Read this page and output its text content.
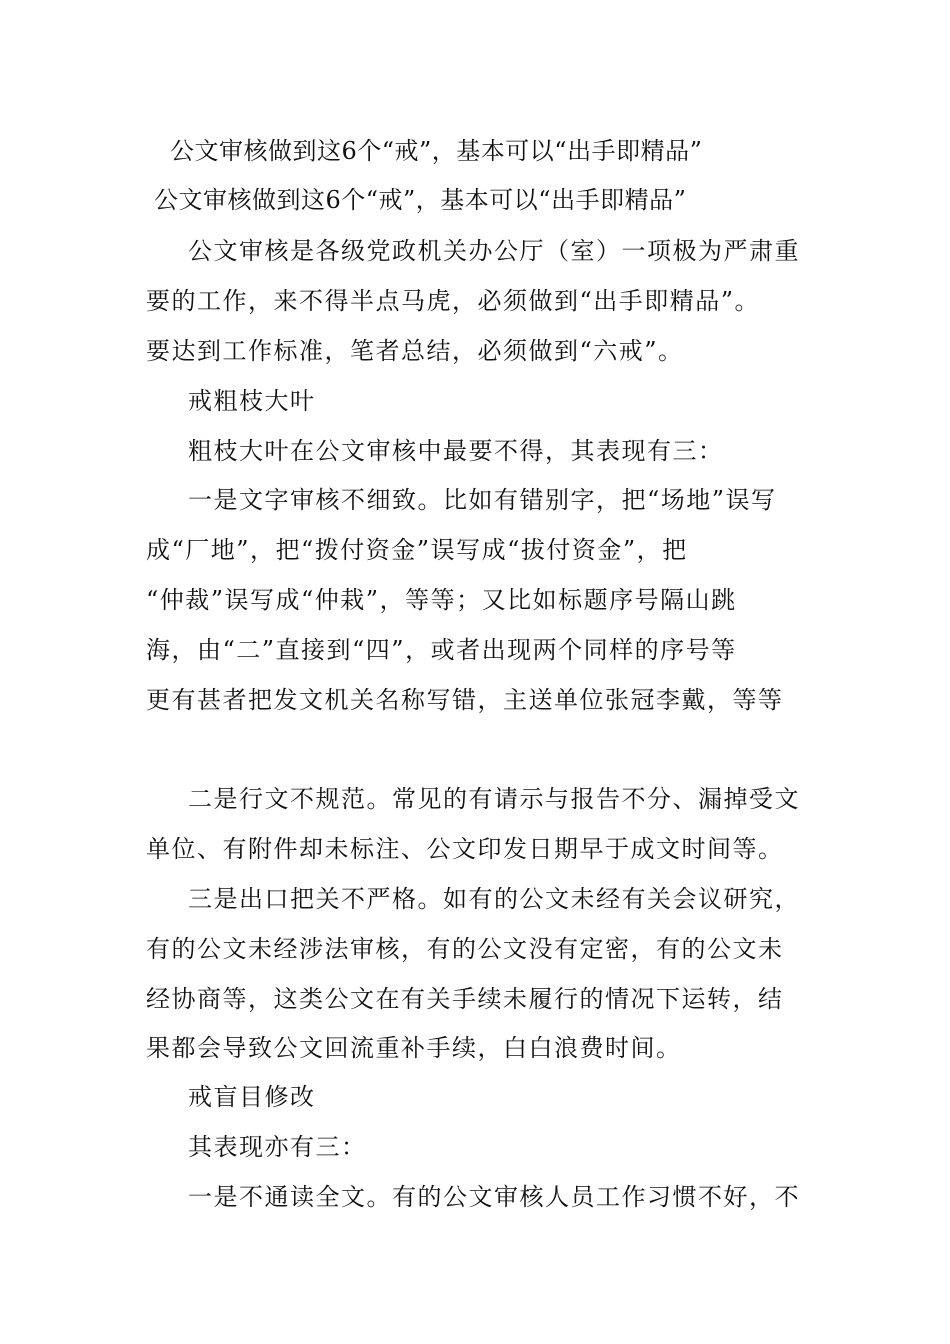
公文审核做到这6个“戒”，基本可以“出手即精品”
公文审核做到这6个“戒”，基本可以“出手即精品”
公文审核是各级党政机关办公厅（室）一项极为严肃重
要的工作，来不得半点马虎，必须做到“出手即精品”。
要达到工作标准，笔者总结，必须做到“六戒”。
戒粗枝大叶
粗枝大叶在公文审核中最要不得，其表现有三：
一是文字审核不细致。比如有错别字，把“场地”误写
成“厂地”，把“拨付资金”误写成“拔付资金”，把
“仲裁”误写成“仲栽”，等等；又比如标题序号隔山跳
海，由“二”直接到“四”，或者出现两个同样的序号等
更有甚者把发文机关名称写错，主送单位张冠李戴，等等
二是行文不规范。常见的有请示与报告不分、漏掉受文
单位、有附件却未标注、公文印发日期早于成文时间等。
三是出口把关不严格。如有的公文未经有关会议研究，
有的公文未经涉法审核，有的公文没有定密，有的公文未
经协商等，这类公文在有关手续未履行的情况下运转，结
果都会导致公文回流重补手续，白白浪费时间。
戒盲目修改
其表现亦有三：
一是不通读全文。有的公文审核人员工作习惯不好，不
